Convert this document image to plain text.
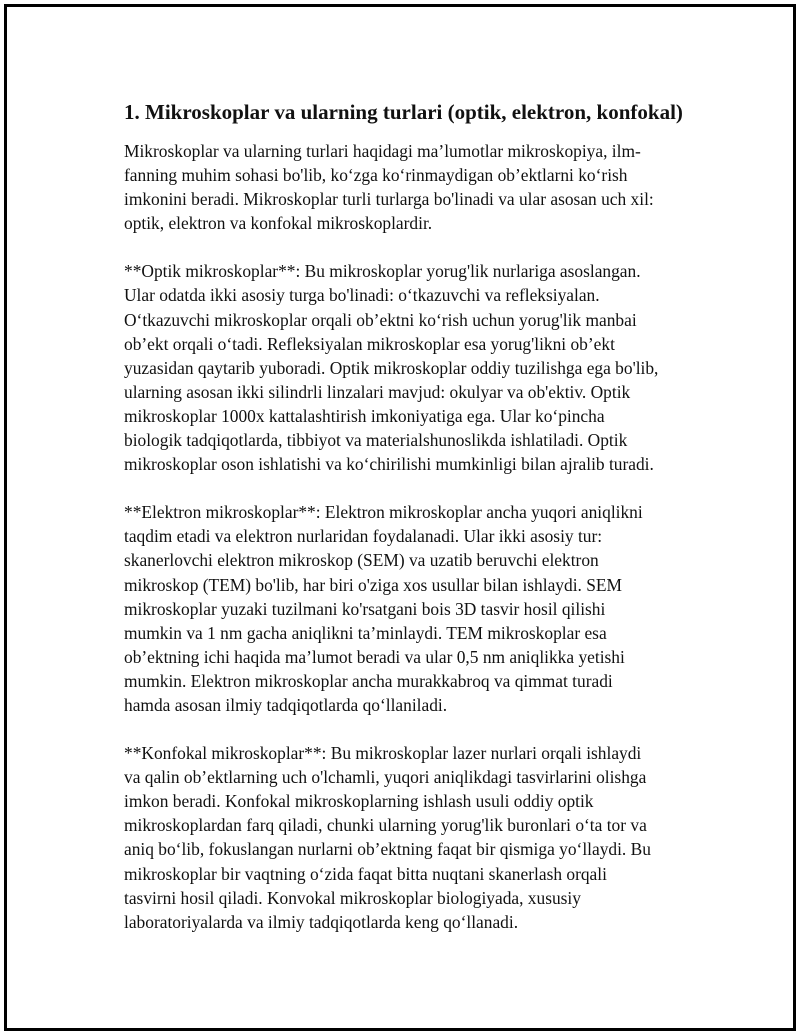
1. Mikroskoplar va ularning turlari (optik, elektron, konfokal)

Mikroskoplar va ularning turlari haqidagi ma’lumotlar mikroskopiya, ilm-
fanning muhim sohasi bo'lib, ko‘zga ko‘rinmaydigan ob’ektlarni ko‘rish
imkonini beradi. Mikroskoplar turli turlarga bo'linadi va ular asosan uch xil:
optik, elektron va konfokal mikroskoplardir.

**Optik mikroskoplar**: Bu mikroskoplar yorug'lik nurlariga asoslangan.
Ular odatda ikki asosiy turga bo'linadi: o‘tkazuvchi va refleksiyalan.
O‘tkazuvchi mikroskoplar orqali ob’ektni ko‘rish uchun yorug'lik manbai
ob’ekt orqali o‘tadi. Refleksiyalan mikroskoplar esa yorug'likni ob’ekt
yuzasidan qaytarib yuboradi. Optik mikroskoplar oddiy tuzilishga ega bo'lib,
ularning asosan ikki silindrli linzalari mavjud: okulyar va ob'ektiv. Optik
mikroskoplar 1000x kattalashtirish imkoniyatiga ega. Ular ko‘pincha
biologik tadqiqotlarda, tibbiyot va materialshunoslikda ishlatiladi. Optik
mikroskoplar oson ishlatishi va ko‘chirilishi mumkinligi bilan ajralib turadi.

**Elektron mikroskoplar**: Elektron mikroskoplar ancha yuqori aniqlikni
taqdim etadi va elektron nurlaridan foydalanadi. Ular ikki asosiy tur:
skanerlovchi elektron mikroskop (SEM) va uzatib beruvchi elektron
mikroskop (TEM) bo'lib, har biri o'ziga xos usullar bilan ishlaydi. SEM
mikroskoplar yuzaki tuzilmani ko'rsatgani bois 3D tasvir hosil qilishi
mumkin va 1 nm gacha aniqlikni ta’minlaydi. TEM mikroskoplar esa
ob’ektning ichi haqida ma’lumot beradi va ular 0,5 nm aniqlikka yetishi
mumkin. Elektron mikroskoplar ancha murakkabroq va qimmat turadi
hamda asosan ilmiy tadqiqotlarda qo‘llaniladi.

**Konfokal mikroskoplar**: Bu mikroskoplar lazer nurlari orqali ishlaydi
va qalin ob’ektlarning uch o'lchamli, yuqori aniqlikdagi tasvirlarini olishga
imkon beradi. Konfokal mikroskoplarning ishlash usuli oddiy optik
mikroskoplardan farq qiladi, chunki ularning yorug'lik buronlari o‘ta tor va
aniq bo‘lib, fokuslangan nurlarni ob’ektning faqat bir qismiga yo‘llaydi. Bu
mikroskoplar bir vaqtning o‘zida faqat bitta nuqtani skanerlash orqali
tasvirni hosil qiladi. Konvokal mikroskoplar biologiyada, xususiy
laboratoriyalarda va ilmiy tadqiqotlarda keng qo‘llanadi.
